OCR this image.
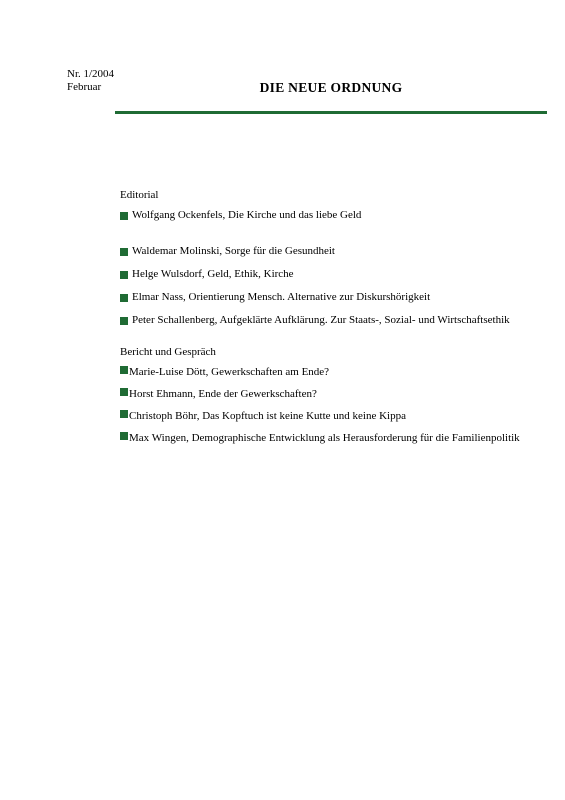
Nr. 1/2004
Februar	DIE NEUE ORDNUNG
Editorial
Wolfgang Ockenfels, Die Kirche und das liebe Geld
Waldemar Molinski, Sorge für die Gesundheit
Helge Wulsdorf, Geld, Ethik, Kirche
Elmar Nass, Orientierung Mensch. Alternative zur Diskurshörigkeit
Peter Schallenberg, Aufgeklärte Aufklärung. Zur Staats-, Sozial- und Wirtschaftsethik
Bericht und Gespräch
Marie-Luise Dött, Gewerkschaften am Ende?
Horst Ehmann, Ende der Gewerkschaften?
Christoph Böhr, Das Kopftuch ist keine Kutte und keine Kippa
Max Wingen, Demographische Entwicklung als Herausforderung für die Familienpolitik
